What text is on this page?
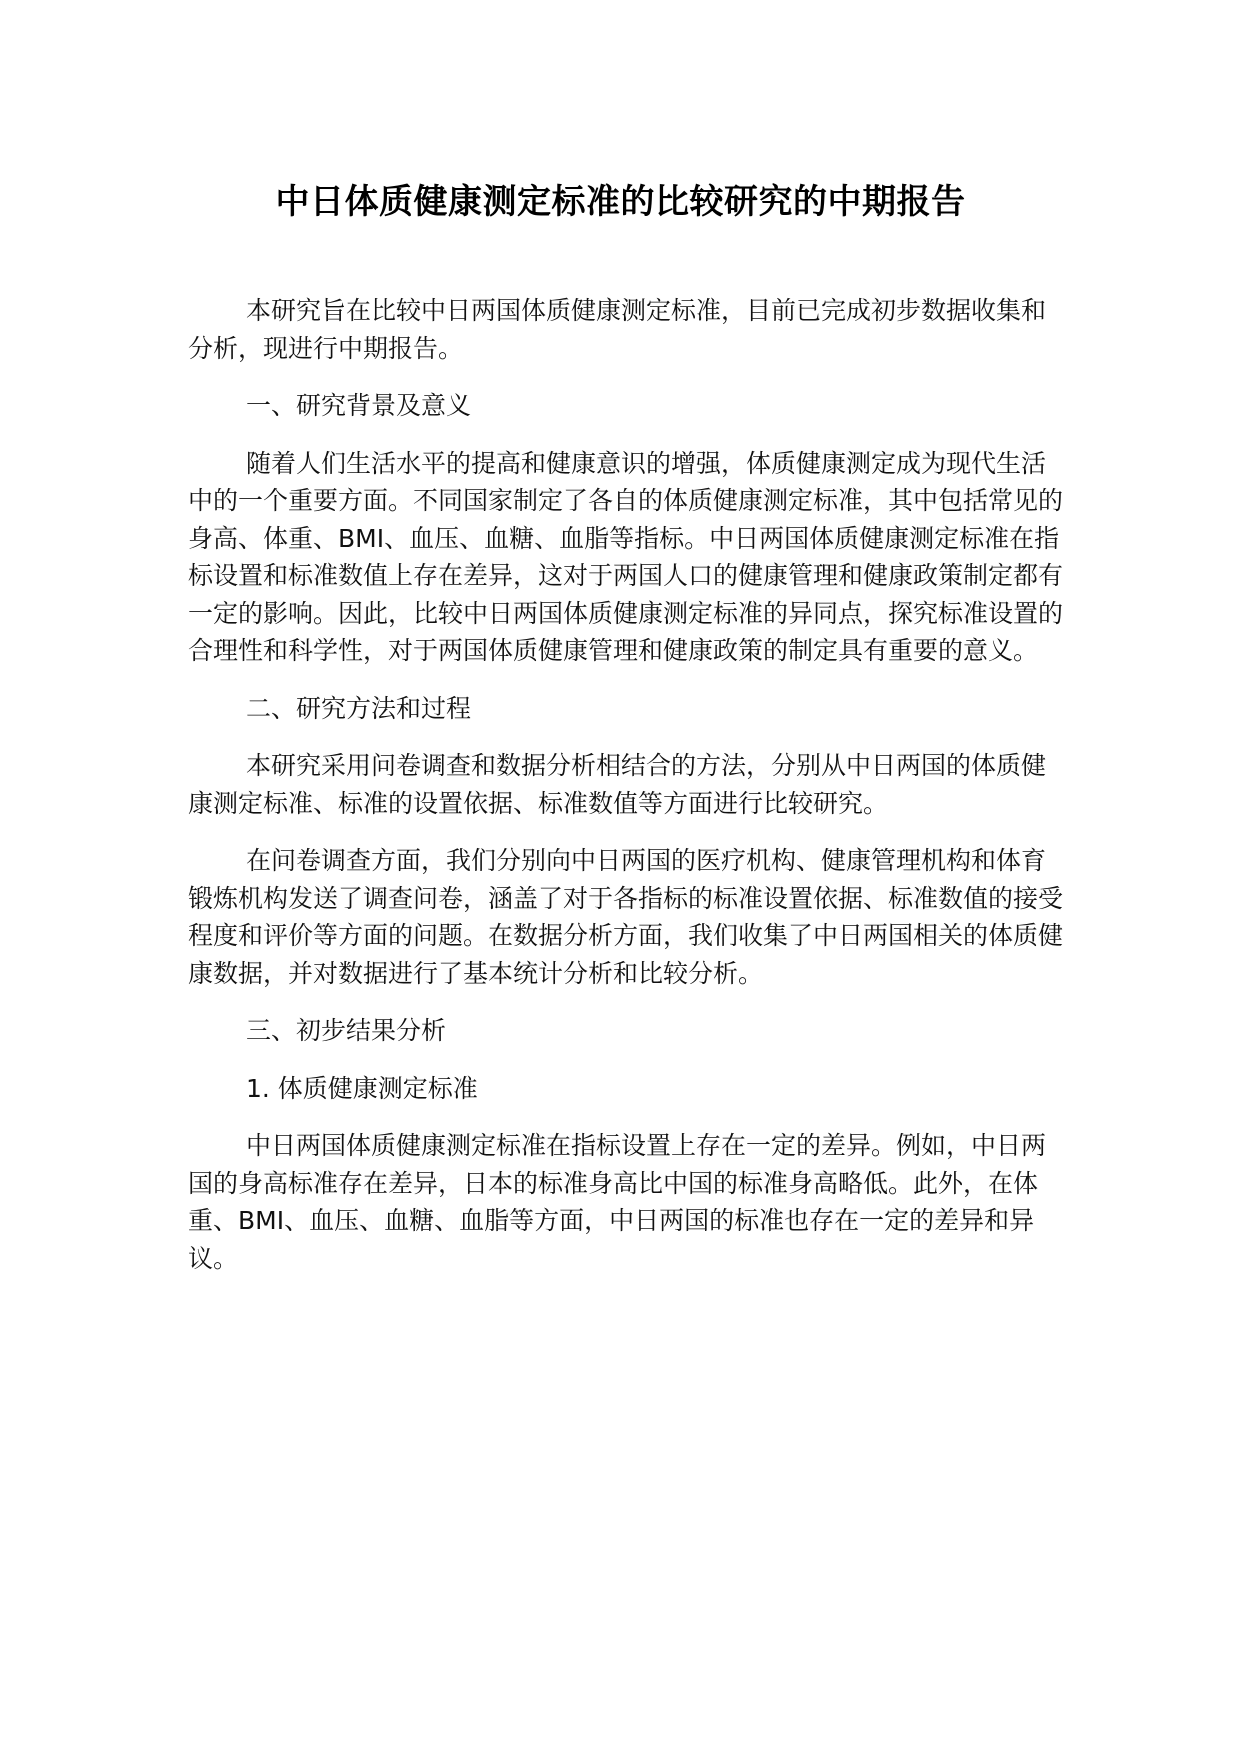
中日体质健康测定标准的比较研究的中期报告

本研究旨在比较中日两国体质健康测定标准，目前已完成初步数据收集和分析，现进行中期报告。

一、研究背景及意义

随着人们生活水平的提高和健康意识的增强，体质健康测定成为现代生活中的一个重要方面。不同国家制定了各自的体质健康测定标准，其中包括常见的身高、体重、BMI、血压、血糖、血脂等指标。中日两国体质健康测定标准在指标设置和标准数值上存在差异，这对于两国人口的健康管理和健康政策制定都有一定的影响。因此，比较中日两国体质健康测定标准的异同点，探究标准设置的合理性和科学性，对于两国体质健康管理和健康政策的制定具有重要的意义。

二、研究方法和过程

本研究采用问卷调查和数据分析相结合的方法，分别从中日两国的体质健康测定标准、标准的设置依据、标准数值等方面进行比较研究。

在问卷调查方面，我们分别向中日两国的医疗机构、健康管理机构和体育锻炼机构发送了调查问卷，涵盖了对于各指标的标准设置依据、标准数值的接受程度和评价等方面的问题。在数据分析方面，我们收集了中日两国相关的体质健康数据，并对数据进行了基本统计分析和比较分析。

三、初步结果分析

1. 体质健康测定标准

中日两国体质健康测定标准在指标设置上存在一定的差异。例如，中日两国的身高标准存在差异，日本的标准身高比中国的标准身高略低。此外，在体重、BMI、血压、血糖、血脂等方面，中日两国的标准也存在一定的差异和异议。
